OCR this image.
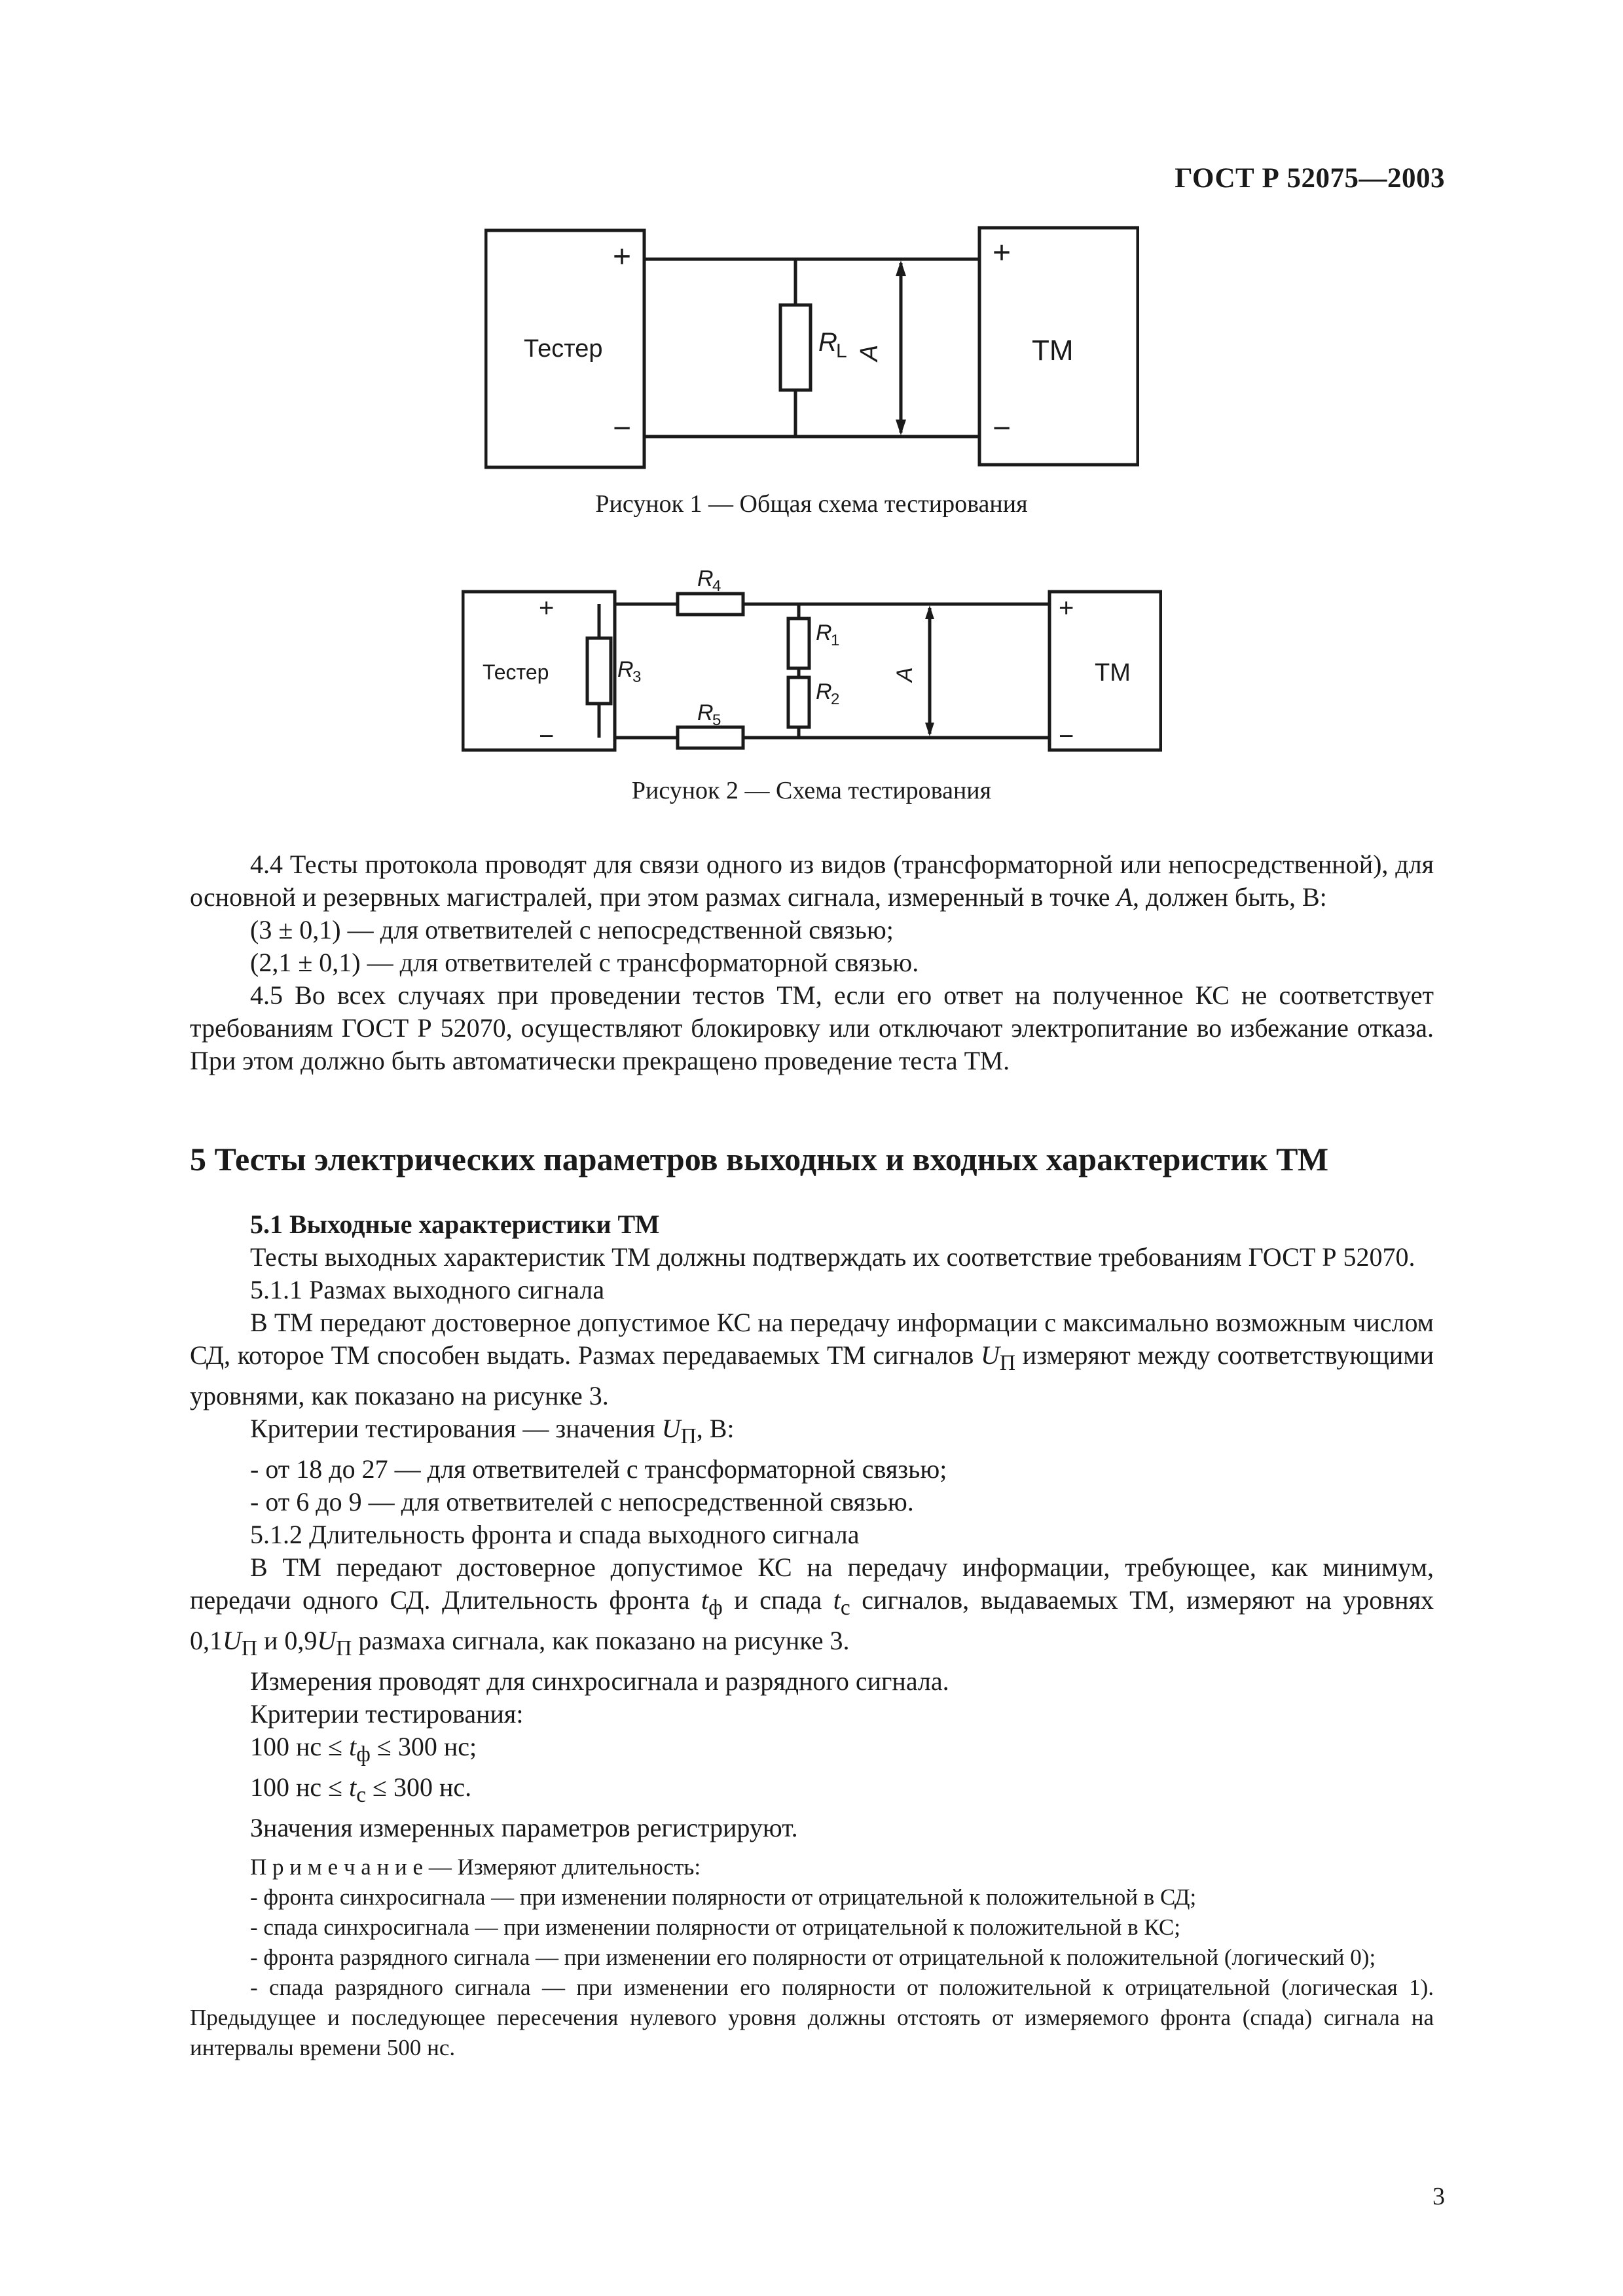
ГОСТ Р 52075—2003
+
−
Тестер
+
−
ТМ
R
L A
Рисунок 1 — Общая схема тестирования
+
−
Тестер
+
−
ТМ
R
4
R
5
R
3
R
1
R
2
A
Рисунок 2 — Схема тестирования

4.4 Тесты протокола проводят для связи одного из видов (трансформаторной или непосредственной), для основной и резервных магистралей, при этом размах сигнала, измеренный в точке A, должен быть, В:

(3 ± 0,1) — для ответвителей с непосредственной связью;

(2,1 ± 0,1) — для ответвителей с трансформаторной связью.

4.5 Во всех случаях при проведении тестов ТМ, если его ответ на полученное КС не соответствует требованиям ГОСТ Р 52070, осуществляют блокировку или отключают электропитание во избежание отказа. При этом должно быть автоматически прекращено проведение теста ТМ.

5 Тесты электрических параметров выходных и входных характеристик ТМ

5.1 Выходные характеристики ТМ

Тесты выходных характеристик ТМ должны подтверждать их соответствие требованиям ГОСТ Р 52070.

5.1.1 Размах выходного сигнала

В ТМ передают достоверное допустимое КС на передачу информации с максимально возможным числом СД, которое ТМ способен выдать. Размах передаваемых ТМ сигналов $U_П$ измеряют между соответствующими уровнями, как показано на рисунке 3.

Критерии тестирования — значения $U_П$, В:

- от 18 до 27 — для ответвителей с трансформаторной связью;

- от 6 до 9 — для ответвителей с непосредственной связью.

5.1.2 Длительность фронта и спада выходного сигнала

В ТМ передают достоверное допустимое КС на передачу информации, требующее, как минимум, передачи одного СД. Длительность фронта $t_ф$ и спада $t_с$ сигналов, выдаваемых ТМ, измеряют на уровнях $0,1U_П$ и $0,9U_П$ размаха сигнала, как показано на рисунке 3.

Измерения проводят для синхросигнала и разрядного сигнала.

Критерии тестирования:

100 нс ≤ $t_ф \le 300$ нс;

100 нс ≤ $t_с \le 300$ нс.

Значения измеренных параметров регистрируют.

П р и м е ч а н и е — Измеряют длительность:

- фронта синхросигнала — при изменении полярности от отрицательной к положительной в СД;

- спада синхросигнала — при изменении полярности от отрицательной к положительной в КС;

- фронта разрядного сигнала — при изменении его полярности от отрицательной к положительной (логический 0);

- спада разрядного сигнала — при изменении его полярности от положительной к отрицательной (логическая 1). Предыдущее и последующее пересечения нулевого уровня должны отстоять от измеряемого фронта (спада) сигнала на интервалы времени 500 нс.

3
